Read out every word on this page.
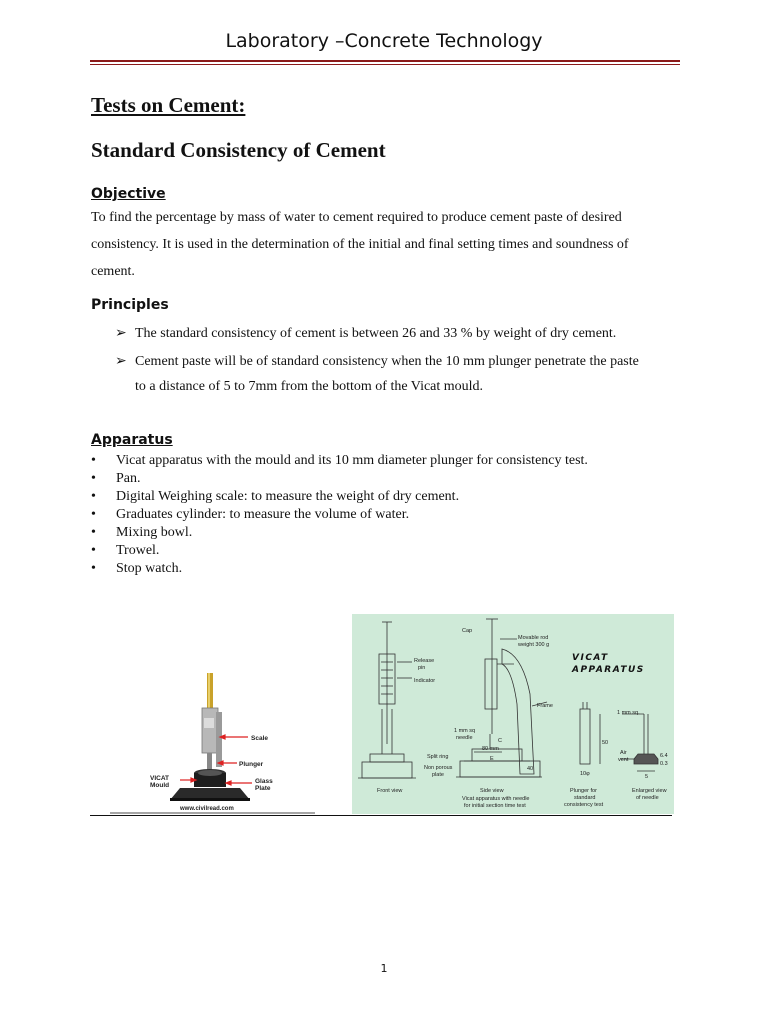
Laboratory –Concrete Technology
Tests on Cement:
Standard Consistency of Cement
Objective
To find the percentage by mass of water to cement required to produce cement paste of desired
consistency. It is used in the determination of the initial and final setting times and soundness of
cement.
Principles
➢ The standard consistency of cement is between 26 and 33 % by weight of dry cement.
➢ Cement paste will be of standard consistency when the 10 mm plunger penetrate the paste
to a distance of 5 to 7mm from the bottom of the Vicat mould.
Apparatus
• Vicat apparatus with the mould and its 10 mm diameter plunger for consistency test.
• Pan.
• Digital Weighing scale: to measure the weight of dry cement.
• Graduates cylinder: to measure the volume of water.
• Mixing bowl.
• Trowel.
• Stop watch.
Scale
Plunger
VICAT Mould
Glass Plate
www.civilread.com
Cap
Movable rod
weight 300 g
Release
pin
Indicator
Frame
1 mm sq
needle	C
Split ring
80 mm
E
40
Non porous
plate
Front view	Side view
Vicat apparatus with needle
for initial section time test
50
10φ
Plunger for
standard
consistency test
1 mm sq.
Air
vent
6.4
0.3
5
Enlarged view
of needle
VICAT
APPARATUS
1
